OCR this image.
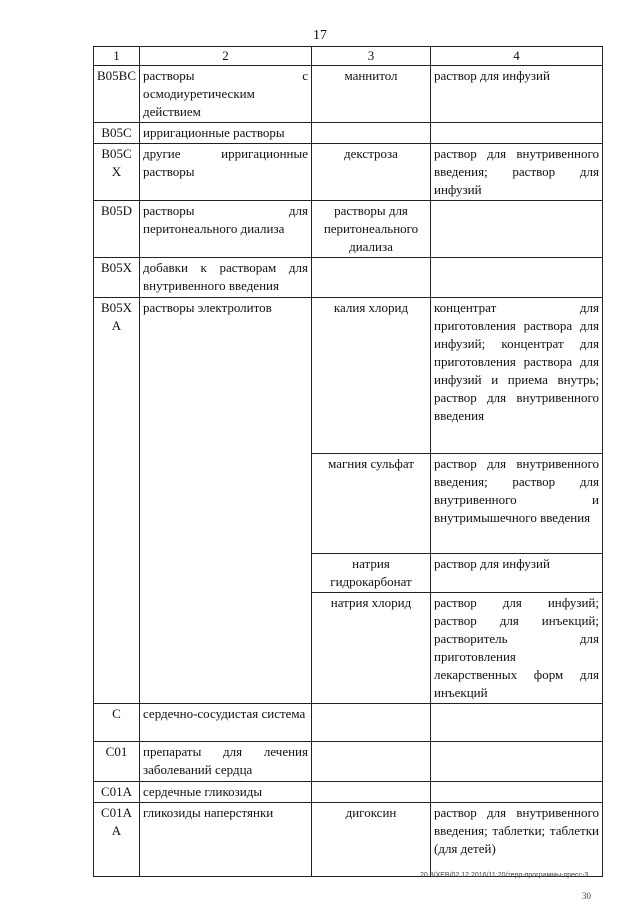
17
1	2	3	4
B05BC	растворы с осмодиуретическим действием	маннитол	раствор для инфузий
B05C	ирригационные растворы		
B05CX	другие ирригационные растворы	декстроза	раствор для внутривенного введения; раствор для инфузий
B05D	растворы для перитонеального диализа	растворы для перитонеального диализа	
B05X	добавки к растворам для внутривенного введения		
B05XA	растворы электролитов	калия хлорид	концентрат для приготовления раствора для инфузий; концентрат для приготовления раствора для инфузий и приема внутрь; раствор для внутривенного введения
		магния сульфат	раствор для внутривенного введения; раствор для внутривенного и внутримышечного введения
		натрия гидрокарбонат	раствор для инфузий
		натрия хлорид	раствор для инфузий; раствор для инъекций; растворитель для приготовления лекарственных форм для инъекций
C	сердечно-сосудистая система		
C01	препараты для лечения заболеваний сердца		
C01A	сердечные гликозиды		
C01AA	гликозиды наперстянки	дигоксин	раствор для внутривенного введения; таблетки; таблетки (для детей)
20.3/XEB/02.12.2016/11:20/терр-программы-пресс-3
30
